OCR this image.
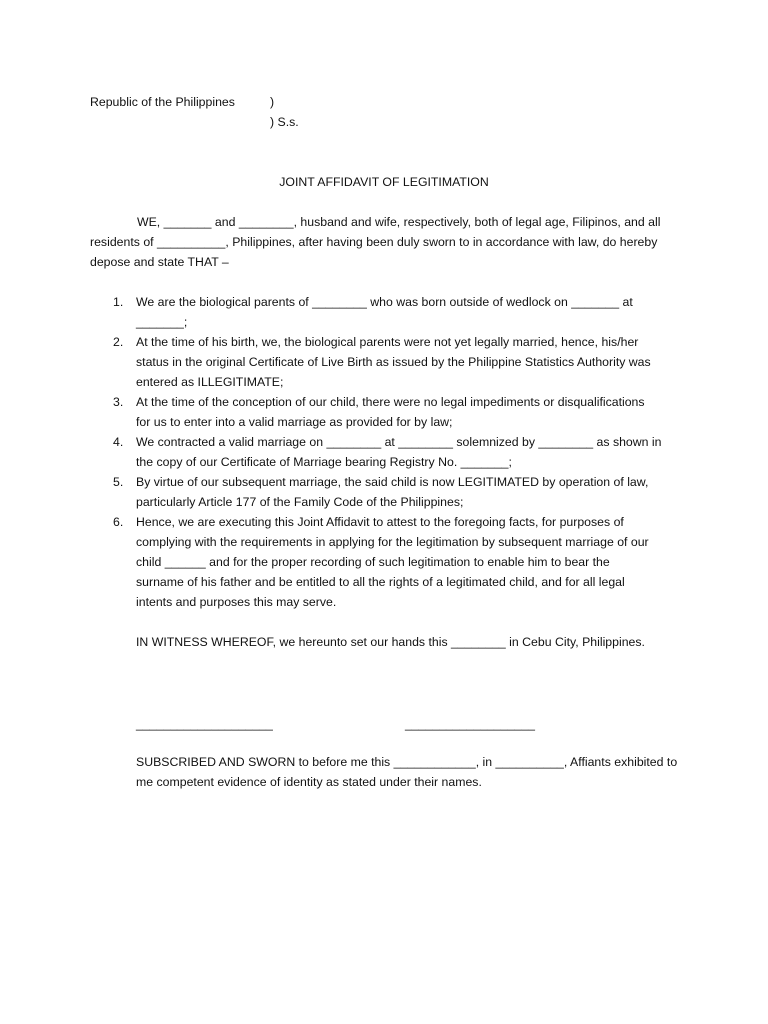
Republic of the Philippines	)
) S.s.
JOINT AFFIDAVIT OF LEGITIMATION
WE, _______ and ________, husband and wife, respectively, both of legal age, Filipinos, and all
residents of __________, Philippines, after having been duly sworn to in accordance with law, do hereby
depose and state THAT –
1. We are the biological parents of ________ who was born outside of wedlock on _______ at
_______;
2. At the time of his birth, we, the biological parents were not yet legally married, hence, his/her
status in the original Certificate of Live Birth as issued by the Philippine Statistics Authority was
entered as ILLEGITIMATE;
3. At the time of the conception of our child, there were no legal impediments or disqualifications
for us to enter into a valid marriage as provided for by law;
4. We contracted a valid marriage on ________ at ________ solemnized by ________ as shown in
the copy of our Certificate of Marriage bearing Registry No. _______;
5. By virtue of our subsequent marriage, the said child is now LEGITIMATED by operation of law,
particularly Article 177 of the Family Code of the Philippines;
6. Hence, we are executing this Joint Affidavit to attest to the foregoing facts, for purposes of
complying with the requirements in applying for the legitimation by subsequent marriage of our
child ______ and for the proper recording of such legitimation to enable him to bear the
surname of his father and be entitled to all the rights of a legitimated child, and for all legal
intents and purposes this may serve.
IN WITNESS WHEREOF, we hereunto set our hands this ________ in Cebu City, Philippines.
____________________	___________________
SUBSCRIBED AND SWORN to before me this ____________, in __________, Affiants exhibited to
me competent evidence of identity as stated under their names.
